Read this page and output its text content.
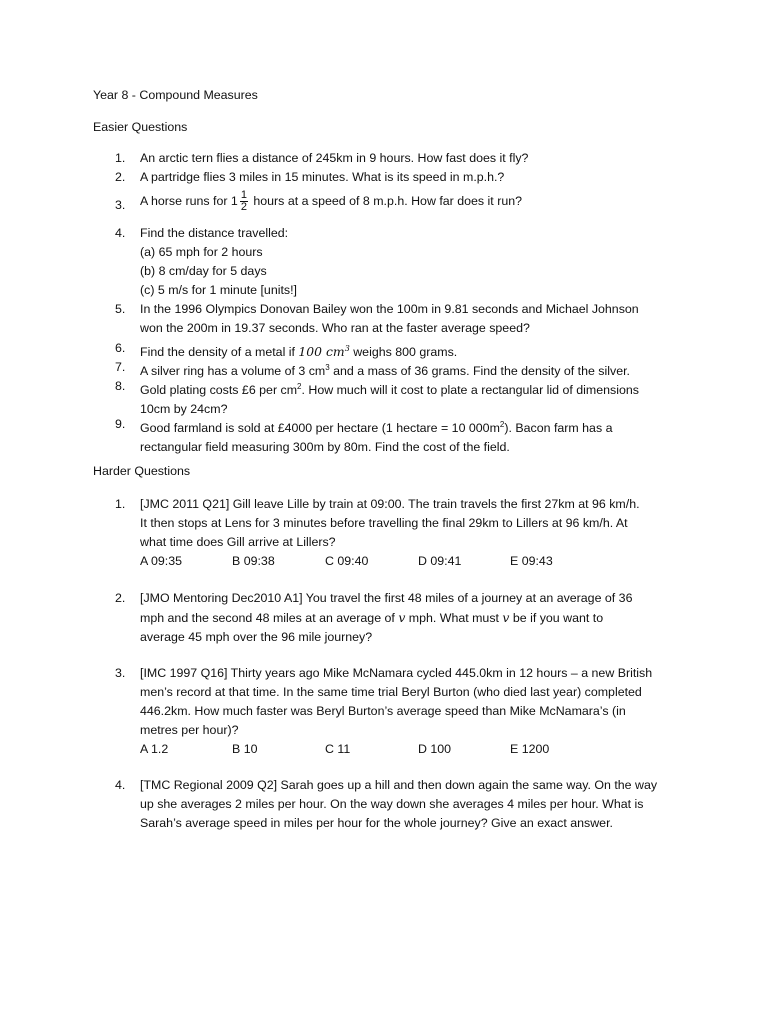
Year 8 - Compound Measures
Easier Questions
1.	An arctic tern flies a distance of 245km in 9 hours. How fast does it fly?
2.	A partridge flies 3 miles in 15 minutes. What is its speed in m.p.h.?
3.	A horse runs for $1 \frac{1}{2}$ hours at a speed of 8 m.p.h. How far does it run?
4.	Find the distance travelled:
(a) 65 mph for 2 hours
(b) 8 cm/day for 5 days
(c) 5 m/s for 1 minute [units!]
5.	In the 1996 Olympics Donovan Bailey won the 100m in 9.81 seconds and Michael Johnson
won the 200m in 19.37 seconds. Who ran at the faster average speed?
6.	Find the density of a metal if 100 $cm^3$ weighs 800 grams.
7.	A silver ring has a volume of 3 $cm^3$ and a mass of 36 grams. Find the density of the silver.
8.	Gold plating costs £6 per $cm^2$. How much will it cost to plate a rectangular lid of dimensions
10cm by 24cm?
9.	Good farmland is sold at £4000 per hectare (1 hectare = 10 $000m^2$). Bacon farm has a
rectangular field measuring 300m by 80m. Find the cost of the field.
Harder Questions
1.	[JMC 2011 Q21] Gill leave Lille by train at 09:00. The train travels the first 27km at 96 km/h.
It then stops at Lens for 3 minutes before travelling the final 29km to Lillers at 96 km/h. At
what time does Gill arrive at Lillers?
A 09:35	B 09:38	C 09:40	D 09:41	E 09:43
2.	[JMO Mentoring Dec2010 A1] You travel the first 48 miles of a journey at an average of 36
mph and the second 48 miles at an average of v mph. What must v be if you want to
average 45 mph over the 96 mile journey?
3.	[IMC 1997 Q16] Thirty years ago Mike McNamara cycled 445.0km in 12 hours – a new British
men’s record at that time. In the same time trial Beryl Burton (who died last year) completed
446.2km. How much faster was Beryl Burton’s average speed than Mike McNamara’s (in
metres per hour)?
A 1.2	B 10	C 11	D 100	E 1200
4.	[TMC Regional 2009 Q2] Sarah goes up a hill and then down again the same way. On the way
up she averages 2 miles per hour. On the way down she averages 4 miles per hour. What is
Sarah’s average speed in miles per hour for the whole journey? Give an exact answer.
